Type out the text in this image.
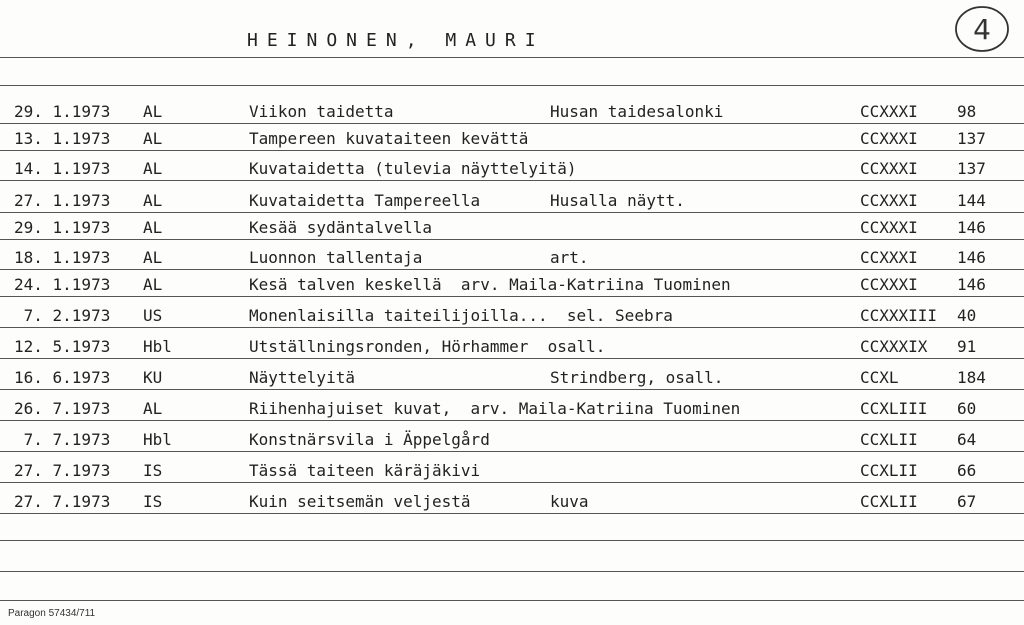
HEINONEN, MAURI	4
29. 1.1973 AL	Viikon taidetta	Husan taidesalonki	CCXXXI 98
13. 1.1973 AL	Tampereen kuvataiteen kevättä	CCXXXI 137
14. 1.1973 AL	Kuvataidetta (tulevia näyttelyitä)	CCXXXI 137
27. 1.1973 AL	Kuvataidetta Tampereella	Husalla näytt.	CCXXXI 144
29. 1.1973 AL	Kesää sydäntalvella	CCXXXI 146
18. 1.1973 AL	Luonnon tallentaja	art.	CCXXXI 146
24. 1.1973 AL	Kesä talven keskellä  arv. Maila-Katriina Tuominen	CCXXXI 146
7. 2.1973 US	Monenlaisilla taiteilijoilla...  sel. Seebra	CCXXXIII 40
12. 5.1973 Hbl	Utställningsronden, Hörhammer  osall.	CCXXXIX 91
16. 6.1973 KU	Näyttelyitä	Strindberg, osall.	CCXL	184
26. 7.1973 AL	Riihenhajuiset kuvat,  arv. Maila-Katriina Tuominen	CCXLIII 60
7. 7.1973 Hbl	Konstnärsvila i Äppelgård	CCXLII 64
27. 7.1973 IS	Tässä taiteen käräjäkivi	CCXLII 66
27. 7.1973 IS	Kuin seitsemän veljestä	kuva	CCXLII 67
Paragon 57434/711
